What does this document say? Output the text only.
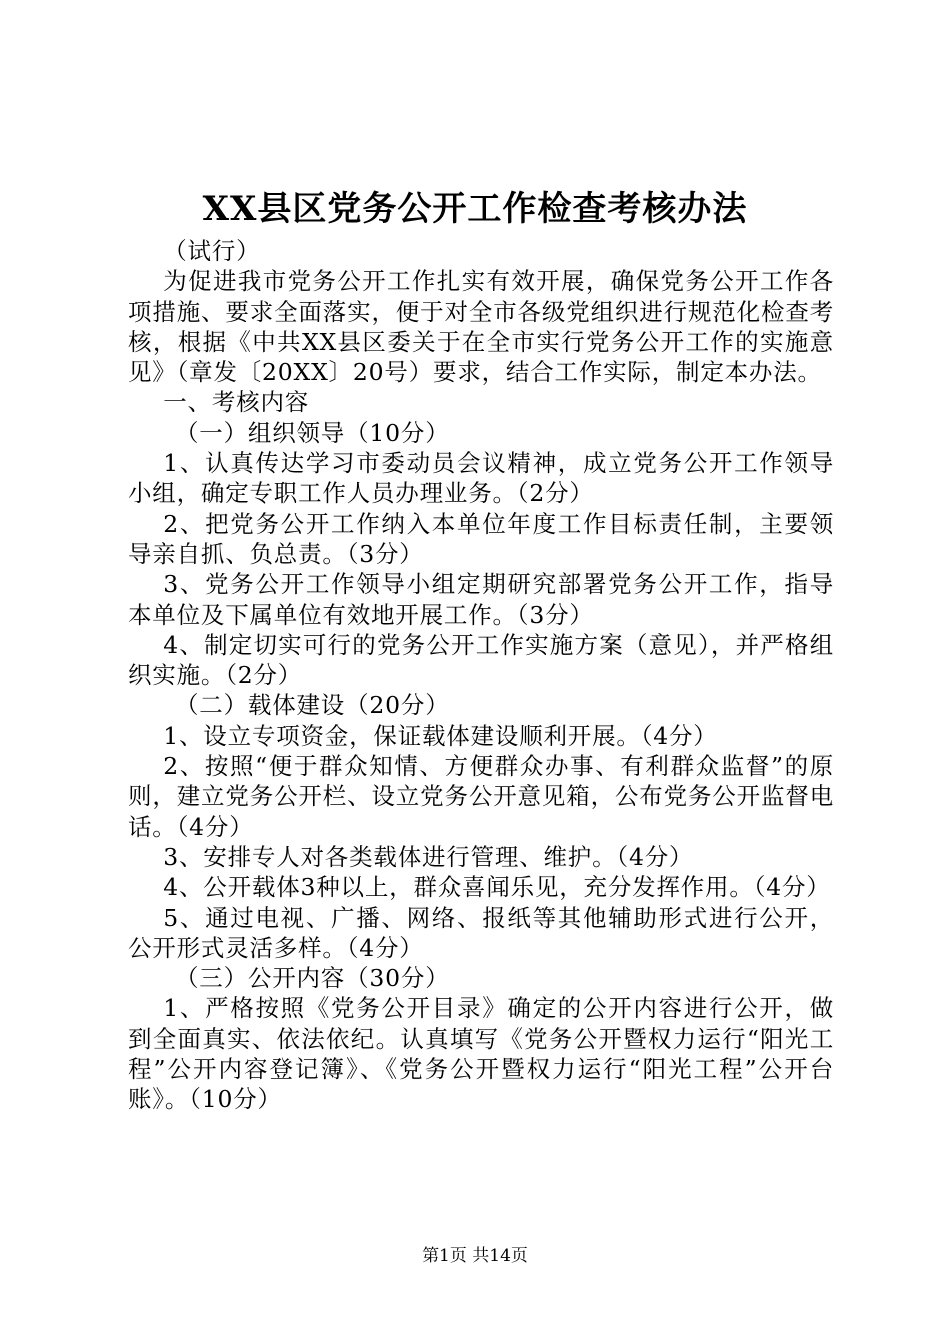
XX县区党务公开工作检查考核办法

（试行）

为促进我市党务公开工作扎实有效开展，确保党务公开工作各项措施、要求全面落实，便于对全市各级党组织进行规范化检查考核，根据《中共XX县区委关于在全市实行党务公开工作的实施意见》（章发〔20XX〕20号）要求，结合工作实际，制定本办法。

一、考核内容

（一）组织领导（10分）

1、认真传达学习市委动员会议精神，成立党务公开工作领导小组，确定专职工作人员办理业务。（2分）

2、把党务公开工作纳入本单位年度工作目标责任制，主要领导亲自抓、负总责。（3分）

3、党务公开工作领导小组定期研究部署党务公开工作，指导本单位及下属单位有效地开展工作。（3分）

4、制定切实可行的党务公开工作实施方案（意见），并严格组织实施。（2分）

（二）载体建设（20分）

1、设立专项资金，保证载体建设顺利开展。（4分）

2、按照“便于群众知情、方便群众办事、有利群众监督”的原则，建立党务公开栏、设立党务公开意见箱，公布党务公开监督电话。（4分）

3、安排专人对各类载体进行管理、维护。（4分）

4、公开载体3种以上，群众喜闻乐见，充分发挥作用。（4分）

5、通过电视、广播、网络、报纸等其他辅助形式进行公开，公开形式灵活多样。（4分）

（三）公开内容（30分）

1、严格按照《党务公开目录》确定的公开内容进行公开，做到全面真实、依法依纪。认真填写《党务公开暨权力运行“阳光工程”公开内容登记簿》、《党务公开暨权力运行“阳光工程”公开台账》。（10分）

第1页 共14页
